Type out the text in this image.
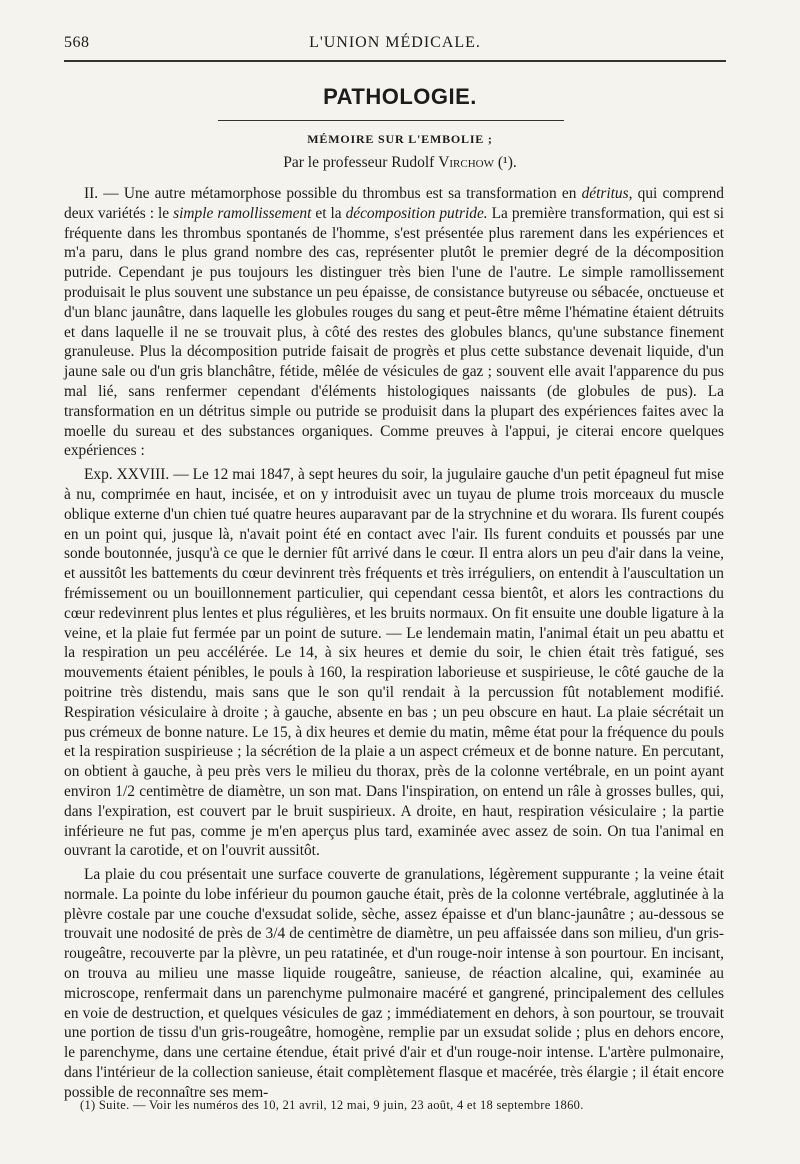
568	L'UNION MÉDICALE.
PATHOLOGIE.
MÉMOIRE SUR L'EMBOLIE ;
Par le professeur Rudolf Virchow (¹).

II. — Une autre métamorphose possible du thrombus est sa transformation en détritus, qui comprend deux variétés : le simple ramollissement et la décomposition putride. La première transformation, qui est si fréquente dans les thrombus spontanés de l'homme, s'est présentée plus rarement dans les expériences et m'a paru, dans le plus grand nombre des cas, représenter plutôt le premier degré de la décomposition putride. Cependant je pus toujours les distinguer très bien l'une de l'autre. Le simple ramollissement produisait le plus souvent une substance un peu épaisse, de consistance butyreuse ou sébacée, onctueuse et d'un blanc jaunâtre, dans laquelle les globules rouges du sang et peut-être même l'hématine étaient détruits et dans laquelle il ne se trouvait plus, à côté des restes des globules blancs, qu'une substance finement granuleuse. Plus la décomposition putride faisait de progrès et plus cette substance devenait liquide, d'un jaune sale ou d'un gris blanchâtre, fétide, mêlée de vésicules de gaz ; souvent elle avait l'apparence du pus mal lié, sans renfermer cependant d'éléments histologiques naissants (de globules de pus). La transformation en un détritus simple ou putride se produisit dans la plupart des expériences faites avec la moelle du sureau et des substances organiques. Comme preuves à l'appui, je citerai encore quelques expériences :

Exp. XXVIII. — Le 12 mai 1847, à sept heures du soir, la jugulaire gauche d'un petit épagneul fut mise à nu, comprimée en haut, incisée, et on y introduisit avec un tuyau de plume trois morceaux du muscle oblique externe d'un chien tué quatre heures auparavant par de la strychnine et du worara. Ils furent coupés en un point qui, jusque là, n'avait point été en contact avec l'air. Ils furent conduits et poussés par une sonde boutonnée, jusqu'à ce que le dernier fût arrivé dans le cœur. Il entra alors un peu d'air dans la veine, et aussitôt les battements du cœur devinrent très fréquents et très irréguliers, on entendit à l'auscultation un frémissement ou un bouillonnement particulier, qui cependant cessa bientôt, et alors les contractions du cœur redevinrent plus lentes et plus régulières, et les bruits normaux. On fit ensuite une double ligature à la veine, et la plaie fut fermée par un point de suture. — Le lendemain matin, l'animal était un peu abattu et la respiration un peu accélérée. Le 14, à six heures et demie du soir, le chien était très fatigué, ses mouvements étaient pénibles, le pouls à 160, la respiration laborieuse et suspirieuse, le côté gauche de la poitrine très distendu, mais sans que le son qu'il rendait à la percussion fût notablement modifié. Respiration vésiculaire à droite ; à gauche, absente en bas ; un peu obscure en haut. La plaie sécrétait un pus crémeux de bonne nature. Le 15, à dix heures et demie du matin, même état pour la fréquence du pouls et la respiration suspirieuse ; la sécrétion de la plaie a un aspect crémeux et de bonne nature. En percutant, on obtient à gauche, à peu près vers le milieu du thorax, près de la colonne vertébrale, en un point ayant environ 1/2 centimètre de diamètre, un son mat. Dans l'inspiration, on entend un râle à grosses bulles, qui, dans l'expiration, est couvert par le bruit suspirieux. A droite, en haut, respiration vésiculaire ; la partie inférieure ne fut pas, comme je m'en aperçus plus tard, examinée avec assez de soin. On tua l'animal en ouvrant la carotide, et on l'ouvrit aussitôt.

La plaie du cou présentait une surface couverte de granulations, légèrement suppurante ; la veine était normale. La pointe du lobe inférieur du poumon gauche était, près de la colonne vertébrale, agglutinée à la plèvre costale par une couche d'exsudat solide, sèche, assez épaisse et d'un blanc-jaunâtre ; au-dessous se trouvait une nodosité de près de 3/4 de centimètre de diamètre, un peu affaissée dans son milieu, d'un gris-rougeâtre, recouverte par la plèvre, un peu ratatinée, et d'un rouge-noir intense à son pourtour. En incisant, on trouva au milieu une masse liquide rougeâtre, sanieuse, de réaction alcaline, qui, examinée au microscope, renfermait dans un parenchyme pulmonaire macéré et gangrené, principalement des cellules en voie de destruction, et quelques vésicules de gaz ; immédiatement en dehors, à son pourtour, se trouvait une portion de tissu d'un gris-rougeâtre, homogène, remplie par un exsudat solide ; plus en dehors encore, le parenchyme, dans une certaine étendue, était privé d'air et d'un rouge-noir intense. L'artère pulmonaire, dans l'intérieur de la collection sanieuse, était complètement flasque et macérée, très élargie ; il était encore possible de reconnaître ses mem-

(1) Suite. — Voir les numéros des 10, 21 avril, 12 mai, 9 juin, 23 août, 4 et 18 septembre 1860.
